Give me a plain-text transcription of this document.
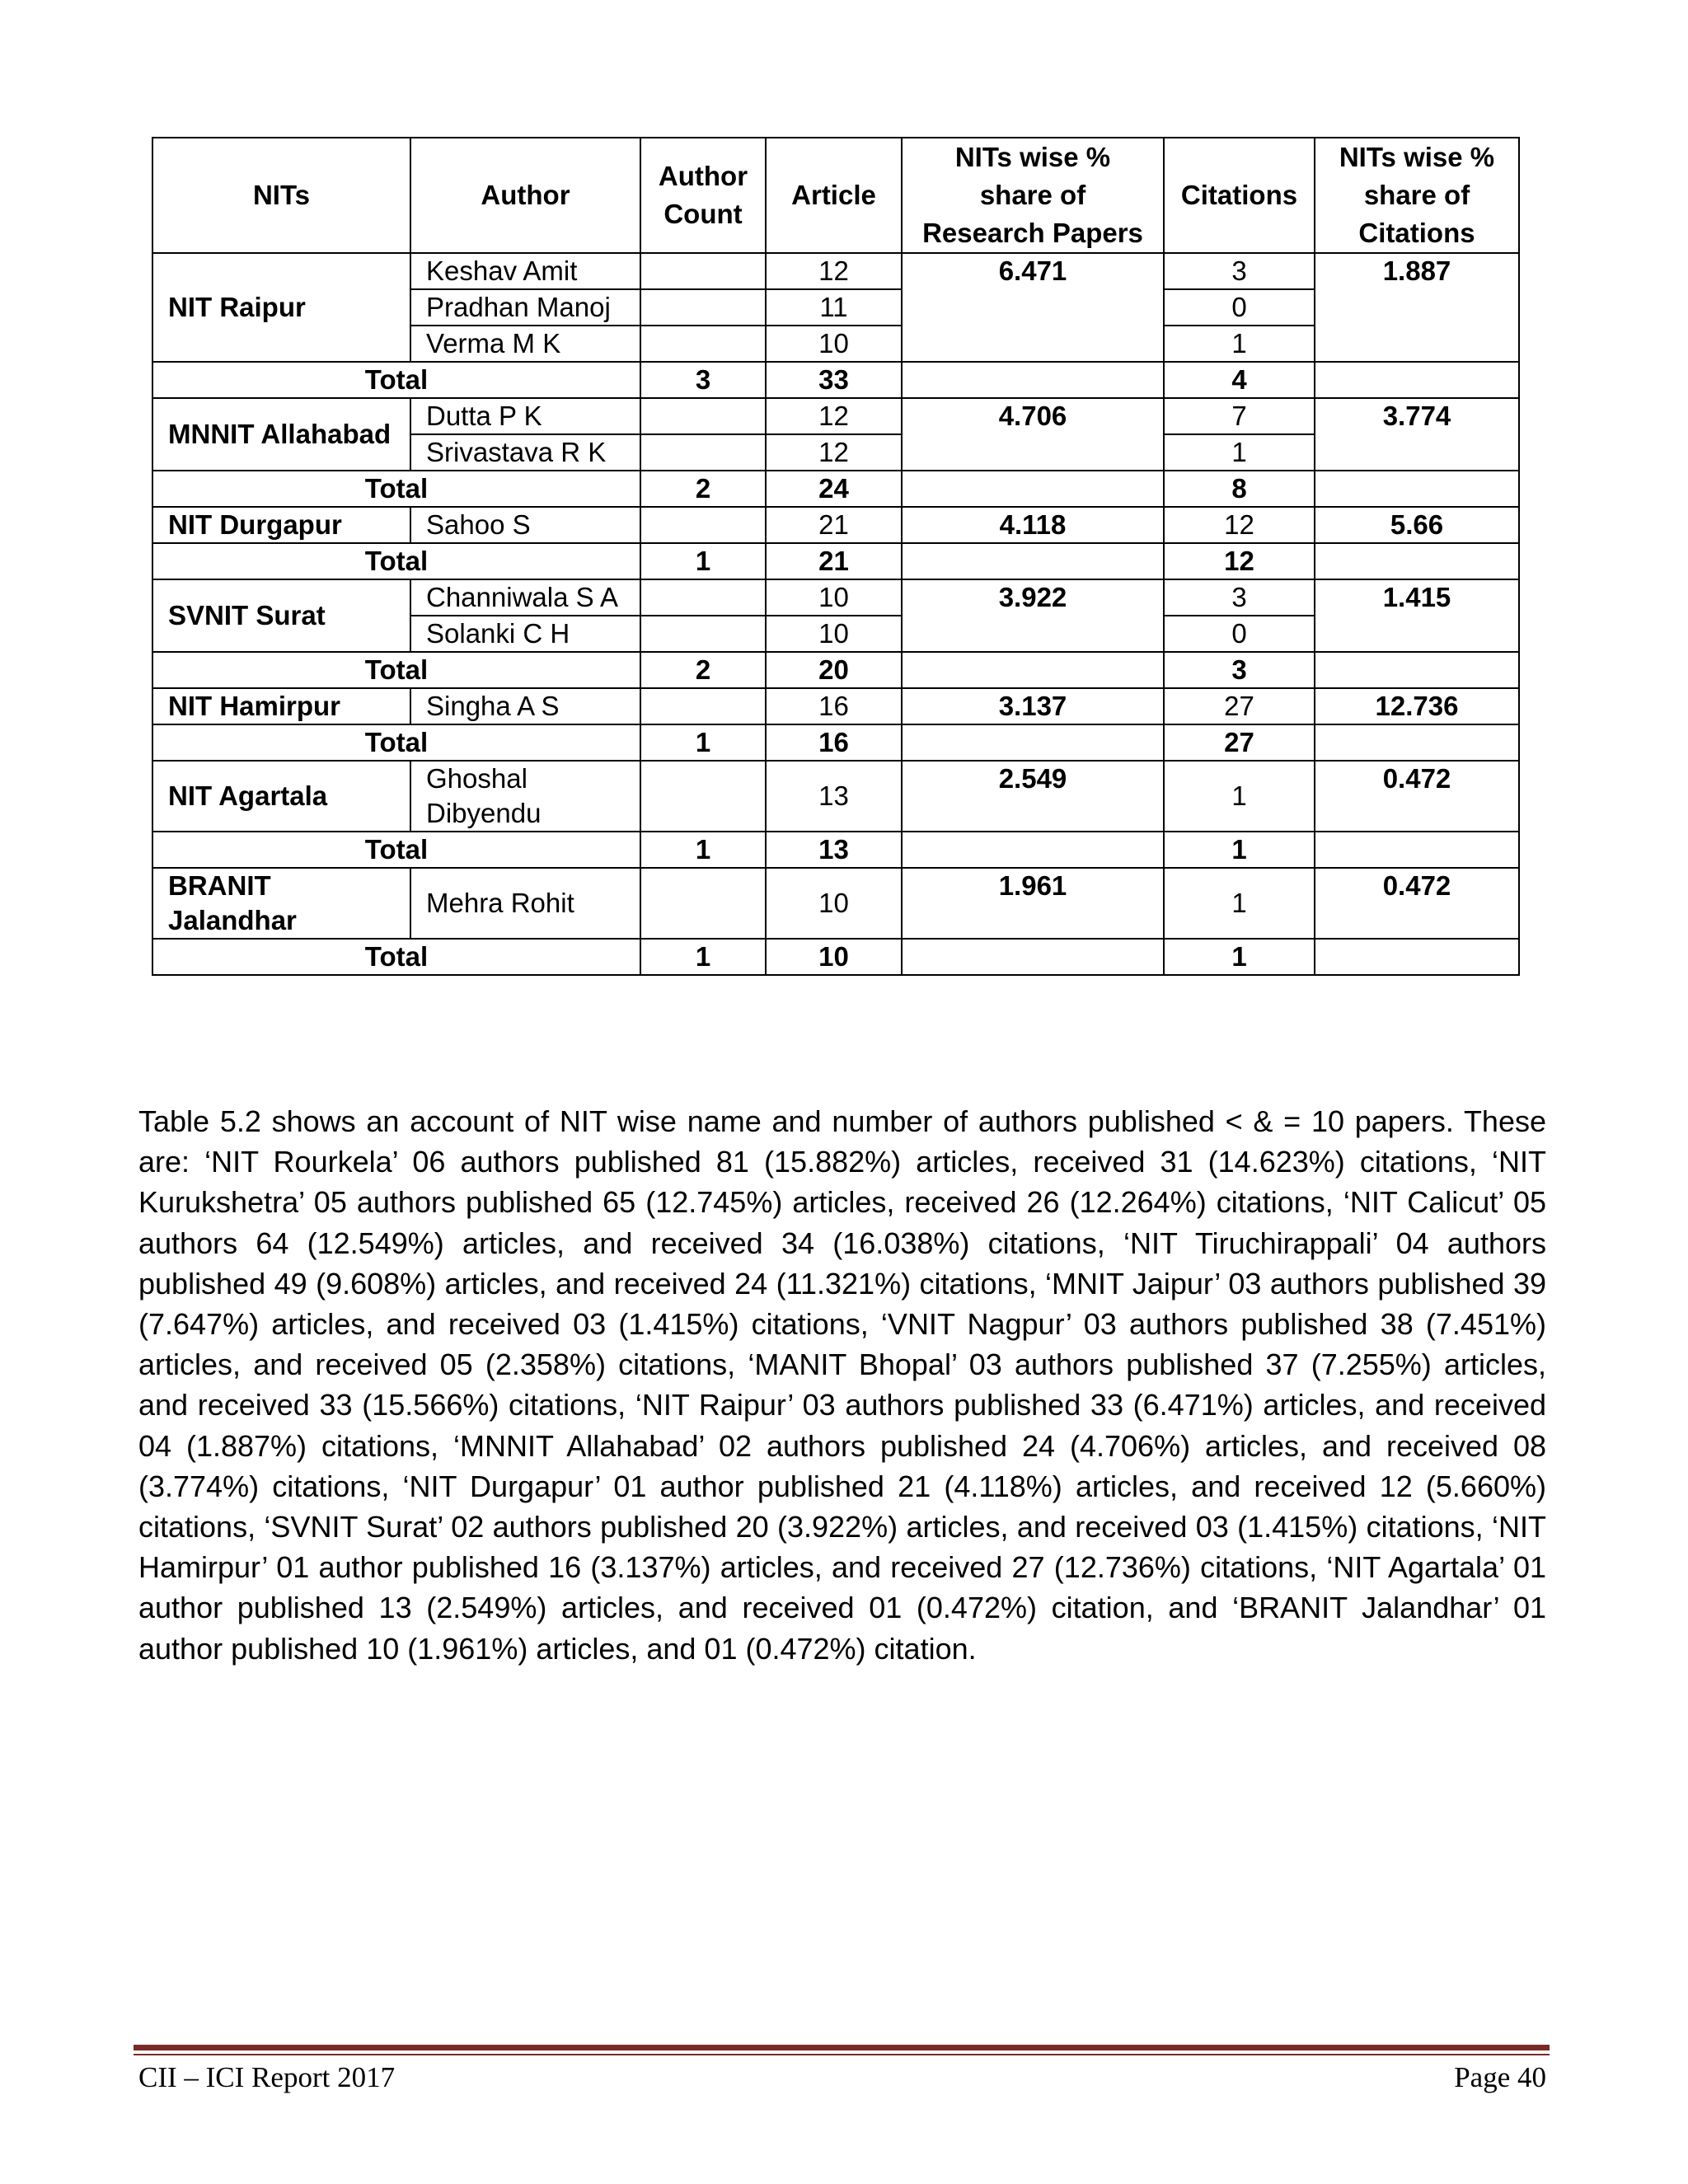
NITs	Author	Author Count	Article	NITs wise % share of Research Papers	Citations	NITs wise % share of Citations
NIT Raipur	Keshav Amit		12	6.471	3	1.887
	Pradhan Manoj		11		0	
	Verma M K		10		1	
Total		3	33		4	
MNNIT Allahabad	Dutta P K		12	4.706	7	3.774
	Srivastava R K		12		1	
Total		2	24		8	
NIT Durgapur	Sahoo S		21	4.118	12	5.66
Total		1	21		12	
SVNIT Surat	Channiwala S A		10	3.922	3	1.415
	Solanki C H		10		0	
Total		2	20		3	
NIT Hamirpur	Singha A S		16	3.137	27	12.736
Total		1	16		27	
NIT Agartala	Ghoshal Dibyendu		13	2.549	1	0.472
Total		1	13		1	
BRANIT Jalandhar	Mehra Rohit		10	1.961	1	0.472
Total		1	10		1	

Table 5.2 shows an account of NIT wise name and number of authors published < & = 10 papers. These are: ‘NIT Rourkela’ 06 authors published 81 (15.882%) articles, received 31 (14.623%) citations, ‘NIT Kurukshetra’ 05 authors published 65 (12.745%) articles, received 26 (12.264%) citations, ‘NIT Calicut’ 05 authors 64 (12.549%) articles, and received 34 (16.038%) citations, ‘NIT Tiruchirappali’ 04 authors published 49 (9.608%) articles, and received 24 (11.321%) citations, ‘MNIT Jaipur’ 03 authors published 39 (7.647%) articles, and received 03 (1.415%) citations, ‘VNIT Nagpur’ 03 authors published 38 (7.451%) articles, and received 05 (2.358%) citations, ‘MANIT Bhopal’ 03 authors published 37 (7.255%) articles, and received 33 (15.566%) citations, ‘NIT Raipur’ 03 authors published 33 (6.471%) articles, and received 04 (1.887%) citations, ‘MNNIT Allahabad’ 02 authors published 24 (4.706%) articles, and received 08 (3.774%) citations, ‘NIT Durgapur’ 01 author published 21 (4.118%) articles, and received 12 (5.660%) citations, ‘SVNIT Surat’ 02 authors published 20 (3.922%) articles, and received 03 (1.415%) citations, ‘NIT Hamirpur’ 01 author published 16 (3.137%) articles, and received 27 (12.736%) citations, ‘NIT Agartala’ 01 author published 13 (2.549%) articles, and received 01 (0.472%) citation, and ‘BRANIT Jalandhar’ 01 author published 10 (1.961%) articles, and 01 (0.472%) citation.

CII – ICI Report 2017	Page 40
